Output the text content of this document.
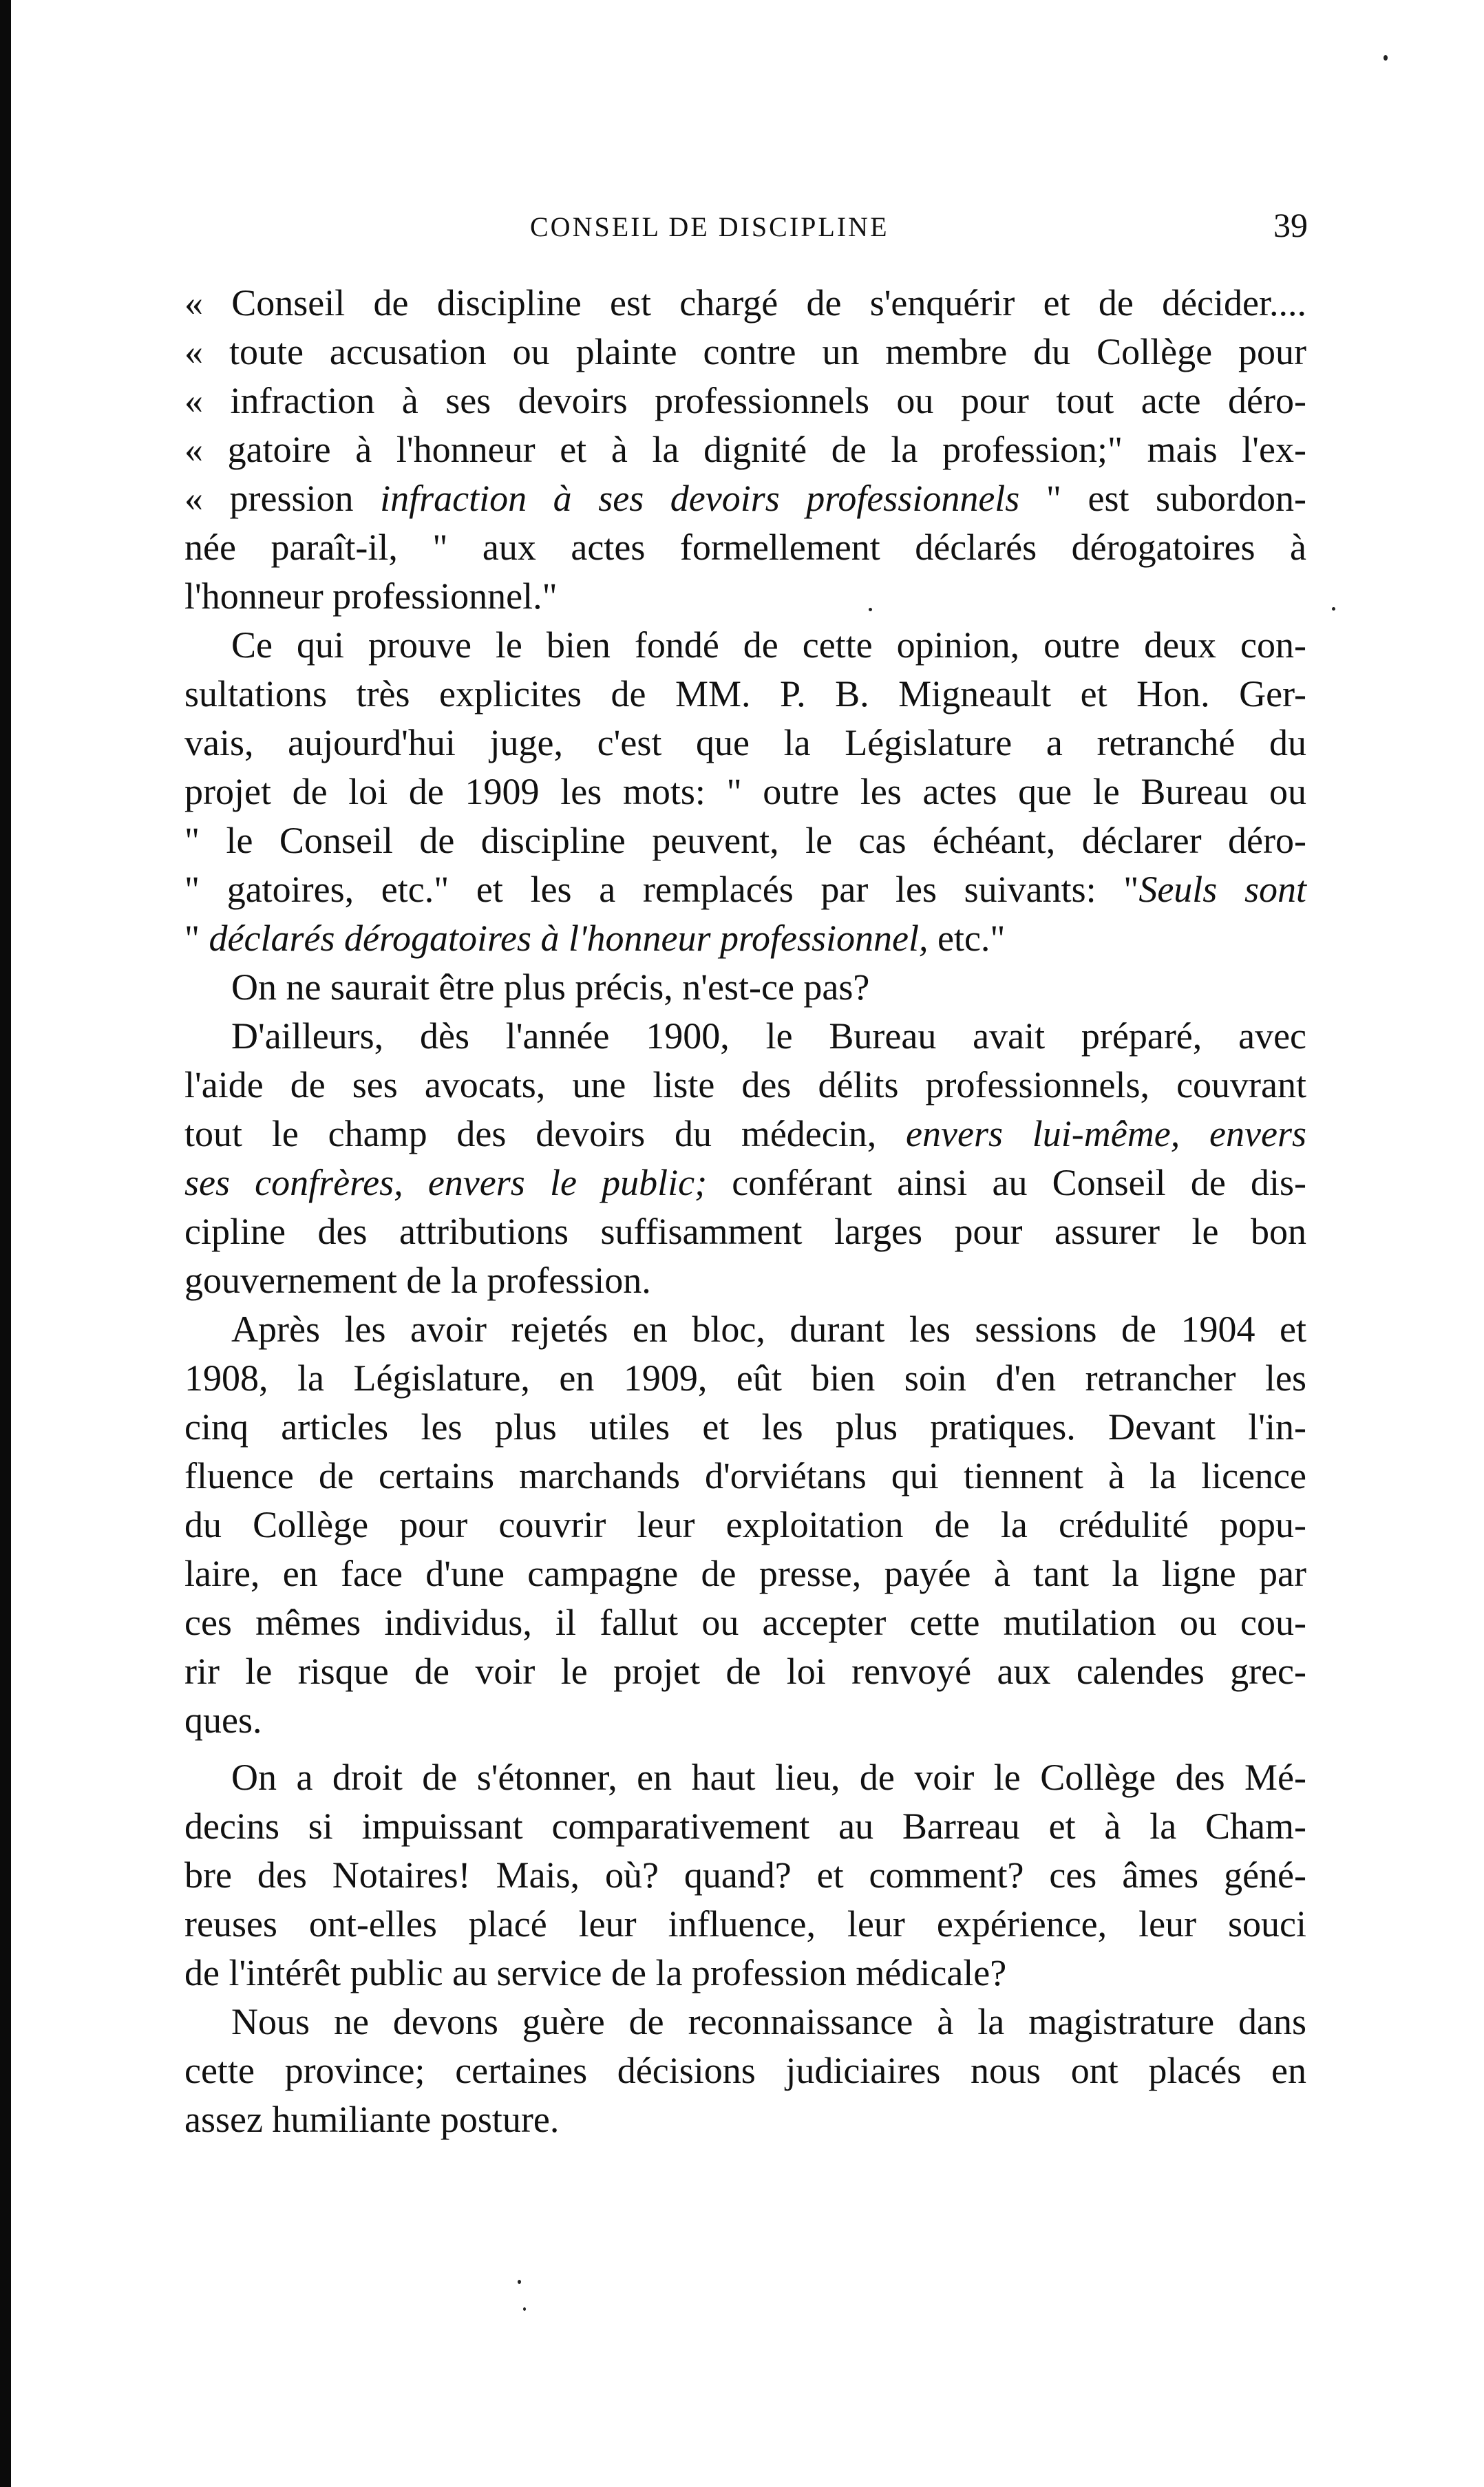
CONSEIL DE DISCIPLINE	39
« Conseil de discipline est chargé de s'enquérir et de décider....
« toute accusation ou plainte contre un membre du Collège pour
« infraction à ses devoirs professionnels ou pour tout acte déro-
« gatoire à l'honneur et à la dignité de la profession;" mais l'ex-
« pression infraction à ses devoirs professionnels " est subordon-
née paraît-il, " aux actes formellement déclarés dérogatoires à
l'honneur professionnel."
Ce qui prouve le bien fondé de cette opinion, outre deux con-
sultations très explicites de MM. P. B. Migneault et Hon. Ger-
vais, aujourd'hui juge, c'est que la Législature a retranché du
projet de loi de 1909 les mots: " outre les actes que le Bureau ou
" le Conseil de discipline peuvent, le cas échéant, déclarer déro-
" gatoires, etc." et les a remplacés par les suivants: "Seuls sont
" déclarés dérogatoires à l'honneur professionnel, etc."
On ne saurait être plus précis, n'est-ce pas?
D'ailleurs, dès l'année 1900, le Bureau avait préparé, avec
l'aide de ses avocats, une liste des délits professionnels, couvrant
tout le champ des devoirs du médecin, envers lui-même, envers
ses confrères, envers le public; conférant ainsi au Conseil de dis-
cipline des attributions suffisamment larges pour assurer le bon
gouvernement de la profession.
Après les avoir rejetés en bloc, durant les sessions de 1904 et
1908, la Législature, en 1909, eût bien soin d'en retrancher les
cinq articles les plus utiles et les plus pratiques. Devant l'in-
fluence de certains marchands d'orviétans qui tiennent à la licence
du Collège pour couvrir leur exploitation de la crédulité popu-
laire, en face d'une campagne de presse, payée à tant la ligne par
ces mêmes individus, il fallut ou accepter cette mutilation ou cou-
rir le risque de voir le projet de loi renvoyé aux calendes grec-
ques.
On a droit de s'étonner, en haut lieu, de voir le Collège des Mé-
decins si impuissant comparativement au Barreau et à la Cham-
bre des Notaires! Mais, où? quand? et comment? ces âmes géné-
reuses ont-elles placé leur influence, leur expérience, leur souci
de l'intérêt public au service de la profession médicale?
Nous ne devons guère de reconnaissance à la magistrature dans
cette province; certaines décisions judiciaires nous ont placés en
assez humiliante posture.
